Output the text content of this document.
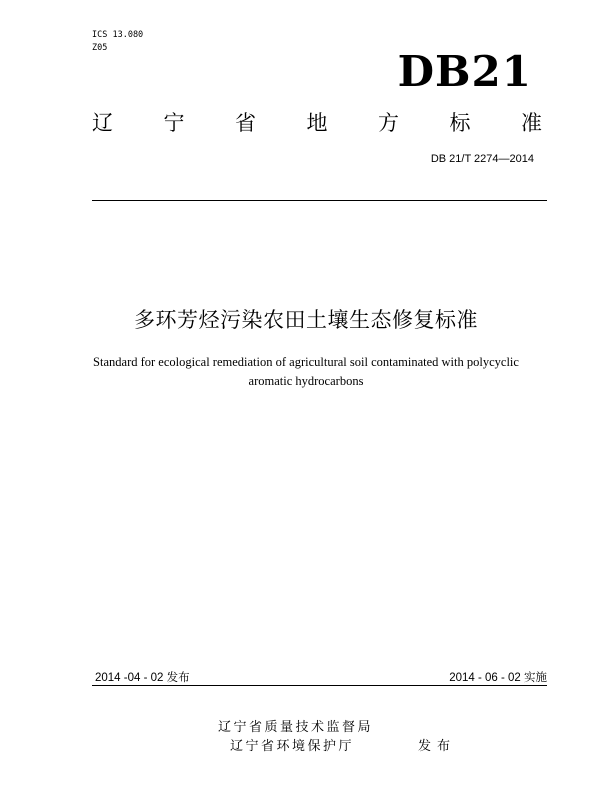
ICS 13.080
Z05	DB21
辽 宁 省 地 方 标 准
DB 21/T 2274—2014
多环芳烃污染农田土壤生态修复标准
Standard for ecological remediation of agricultural soil contaminated with polycyclic
aromatic hydrocarbons
2014 -04 - 02 发布	2014 - 06 - 02 实施
辽宁省质量技术监督局
辽宁省环境保护厅	发布
